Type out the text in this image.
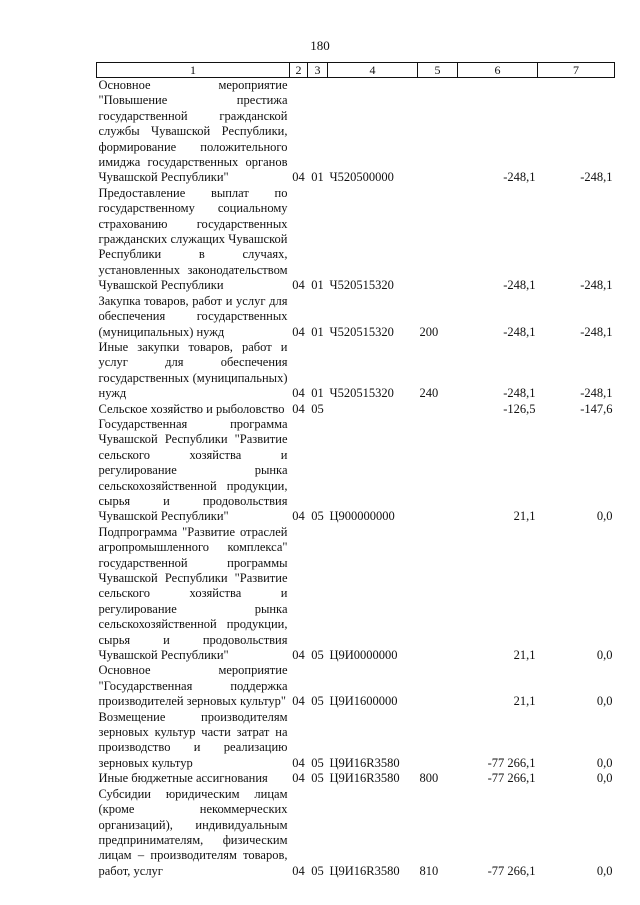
180
1	2	3	4	5	6	7
Основное мероприятие "Повышение престижа государственной гражданской службы Чувашской Республики, формирование положительного имиджа государственных органов Чувашской Республики"	04	01	Ч520500000		-248,1	-248,1
Предоставление выплат по государственному социальному страхованию государственных гражданских служащих Чувашской Республики в случаях, установленных законодательством Чувашской Республики	04	01	Ч520515320		-248,1	-248,1
Закупка товаров, работ и услуг для обеспечения государственных (муниципальных) нужд	04	01	Ч520515320	200	-248,1	-248,1
Иные закупки товаров, работ и услуг для обеспечения государственных (муниципальных) нужд	04	01	Ч520515320	240	-248,1	-248,1
Сельское хозяйство и рыболовство	04	05			-126,5	-147,6
Государственная программа Чувашской Республики "Развитие сельского хозяйства и регулирование рынка сельскохозяйственной продукции, сырья и продовольствия Чувашской Республики"	04	05	Ц900000000		21,1	0,0
Подпрограмма "Развитие отраслей агропромышленного комплекса" государственной программы Чувашской Республики "Развитие сельского хозяйства и регулирование рынка сельскохозяйственной продукции, сырья и продовольствия Чувашской Республики"	04	05	Ц9И0000000		21,1	0,0
Основное мероприятие "Государственная поддержка производителей зерновых культур"	04	05	Ц9И1600000		21,1	0,0
Возмещение производителям зерновых культур части затрат на производство и реализацию зерновых культур	04	05	Ц9И16R3580		-77 266,1	0,0
Иные бюджетные ассигнования	04	05	Ц9И16R3580	800	-77 266,1	0,0
Субсидии юридическим лицам (кроме некоммерческих организаций), индивидуальным предпринимателям, физическим лицам – производителям товаров, работ, услуг	04	05	Ц9И16R3580	810	-77 266,1	0,0
